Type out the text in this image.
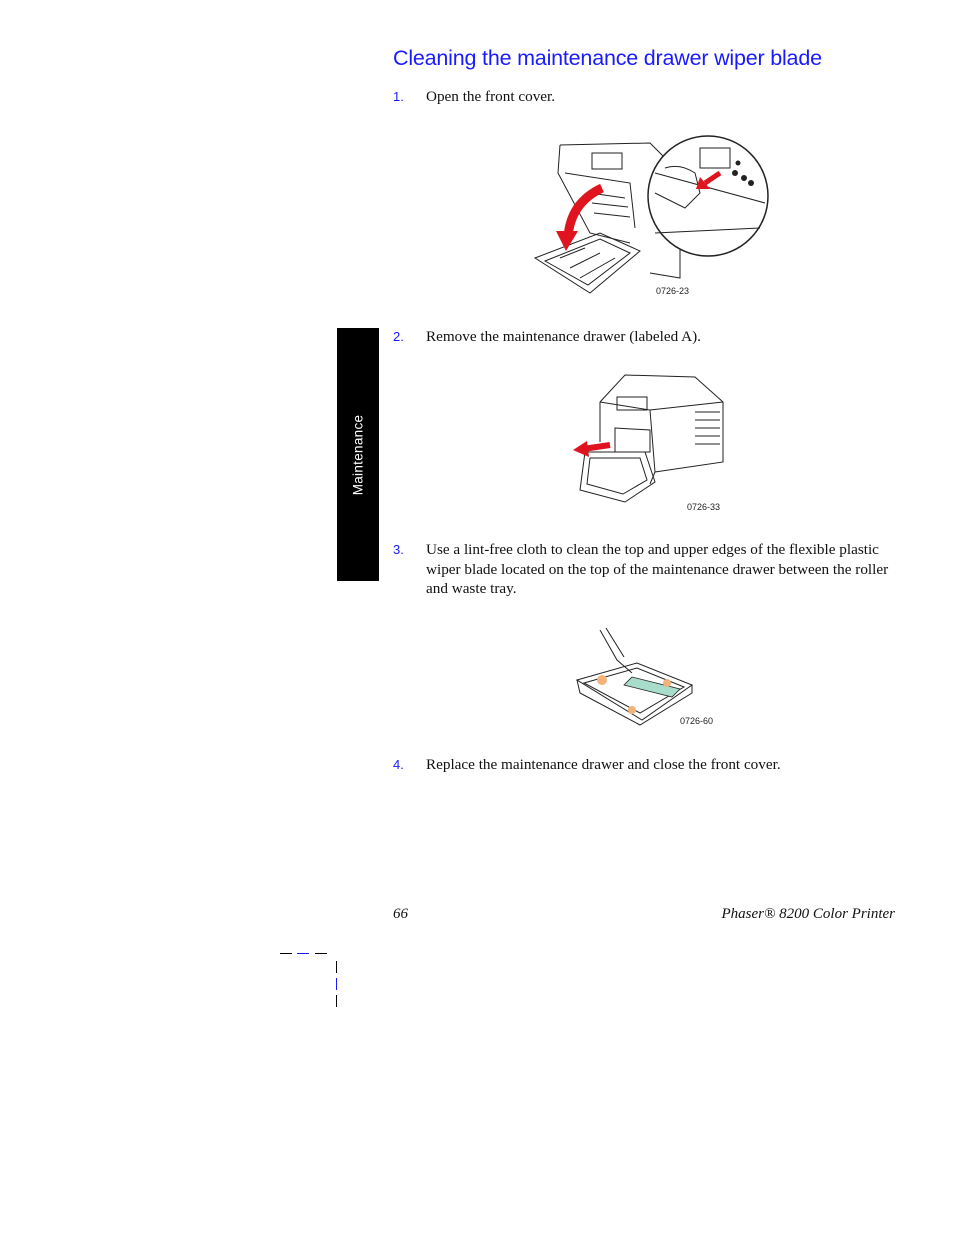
Cleaning the maintenance drawer wiper blade
1. Open the front cover.
0726-23
Maintenance
2. Remove the maintenance drawer (labeled A).
0726-33
3. Use a lint-free cloth to clean the top and upper edges of the flexible plastic wiper blade located on the top of the maintenance drawer between the roller and waste tray.
0726-60
4. Replace the maintenance drawer and close the front cover.
66	Phaser® 8200 Color Printer
